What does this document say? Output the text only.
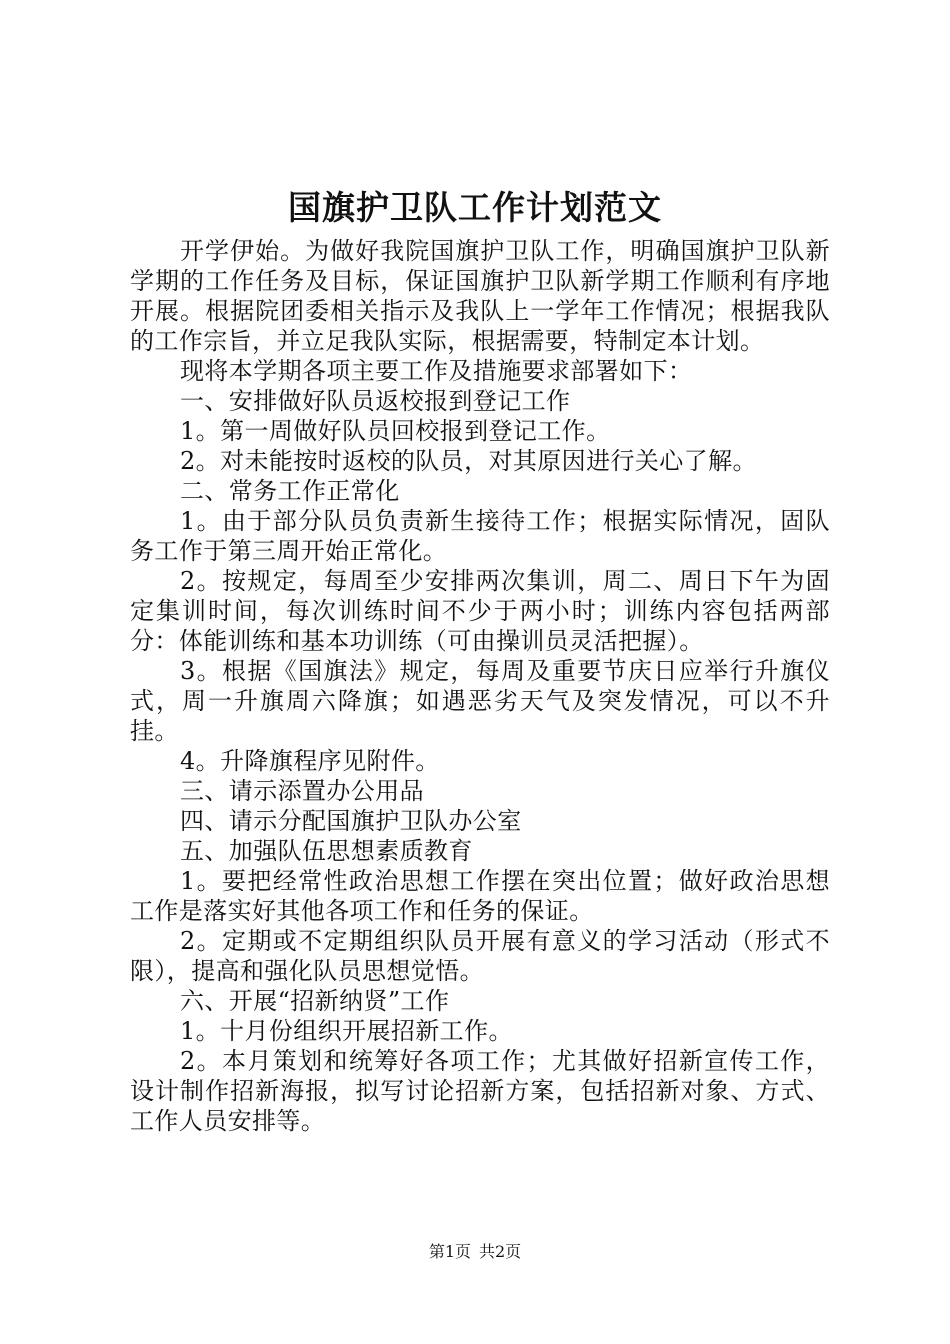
国旗护卫队工作计划范文

开学伊始。为做好我院国旗护卫队工作，明确国旗护卫队新学期的工作任务及目标，保证国旗护卫队新学期工作顺利有序地开展。根据院团委相关指示及我队上一学年工作情况；根据我队的工作宗旨，并立足我队实际，根据需要，特制定本计划。

现将本学期各项主要工作及措施要求部署如下：

一、安排做好队员返校报到登记工作

1。第一周做好队员回校报到登记工作。

2。对未能按时返校的队员，对其原因进行关心了解。

二、常务工作正常化

1。由于部分队员负责新生接待工作；根据实际情况，固队务工作于第三周开始正常化。

2。按规定，每周至少安排两次集训，周二、周日下午为固定集训时间，每次训练时间不少于两小时；训练内容包括两部分：体能训练和基本功训练（可由操训员灵活把握）。

3。根据《国旗法》规定，每周及重要节庆日应举行升旗仪式，周一升旗周六降旗；如遇恶劣天气及突发情况，可以不升挂。

4。升降旗程序见附件。

三、请示添置办公用品

四、请示分配国旗护卫队办公室

五、加强队伍思想素质教育

1。要把经常性政治思想工作摆在突出位置；做好政治思想工作是落实好其他各项工作和任务的保证。

2。定期或不定期组织队员开展有意义的学习活动（形式不限），提高和强化队员思想觉悟。

六、开展“招新纳贤”工作

1。十月份组织开展招新工作。

2。本月策划和统筹好各项工作；尤其做好招新宣传工作，设计制作招新海报，拟写讨论招新方案，包括招新对象、方式、工作人员安排等。

第1页 共2页
